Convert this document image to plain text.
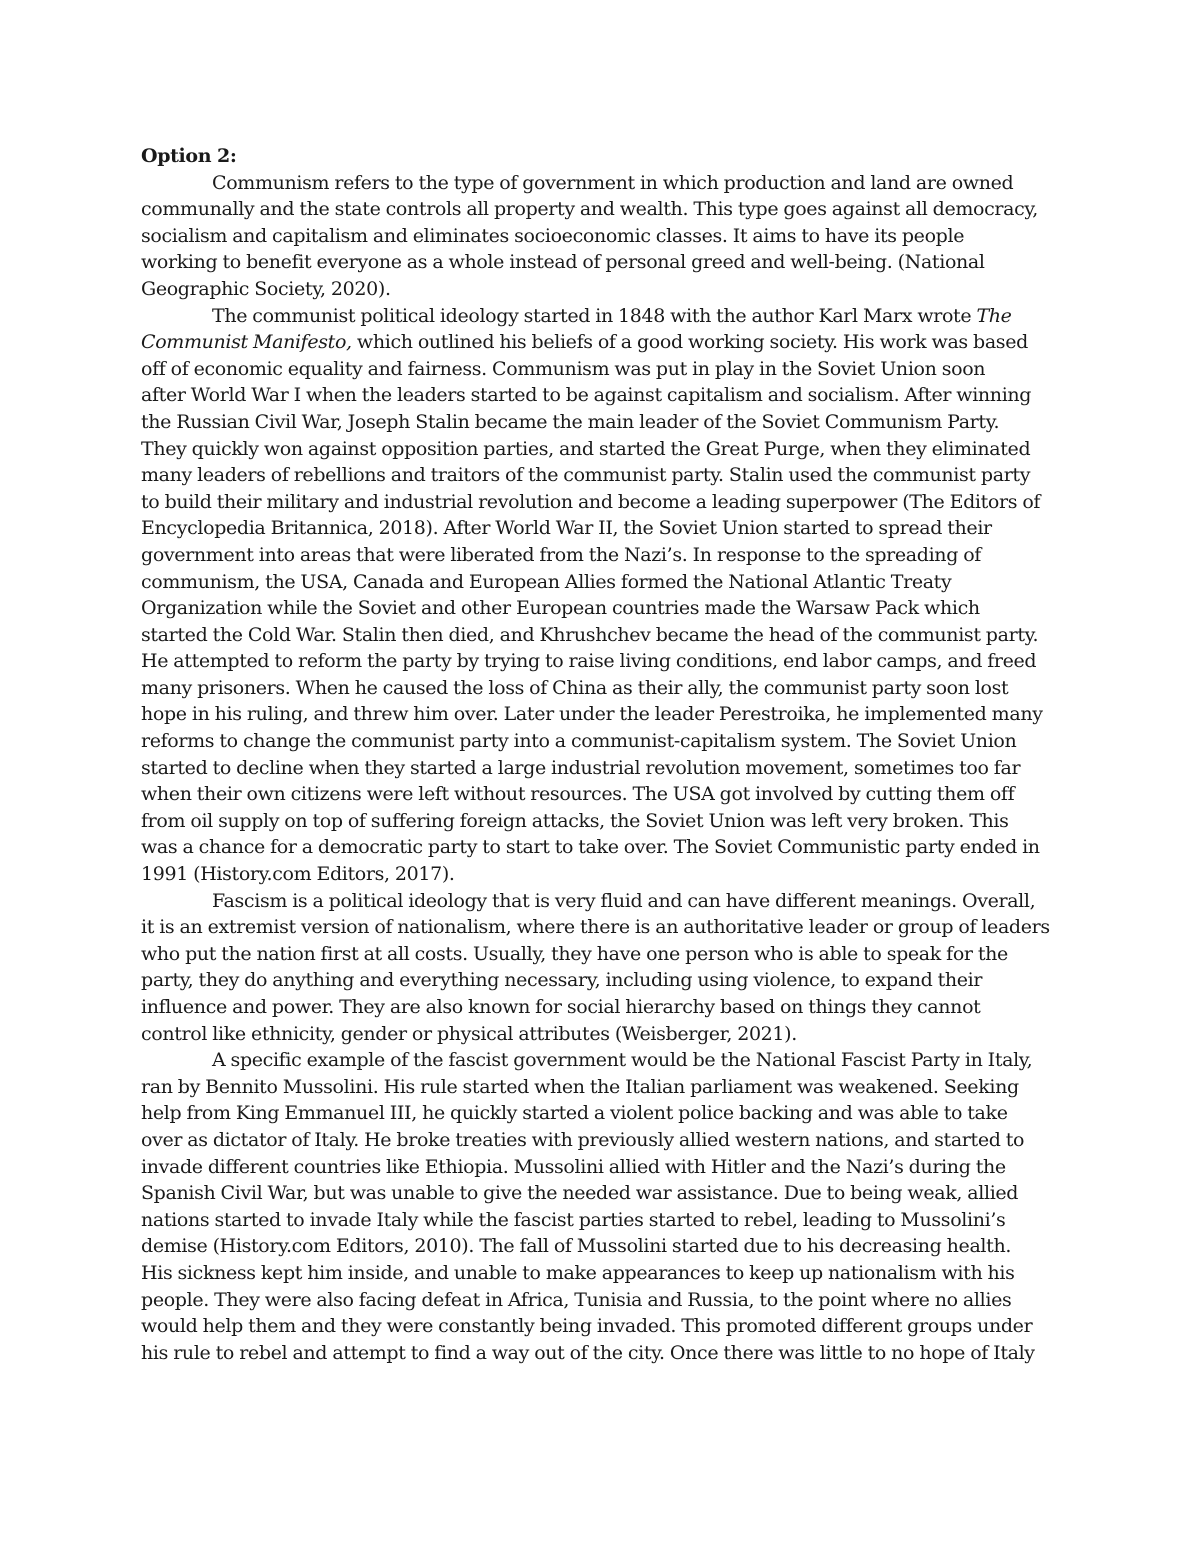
Option 2:

Communism refers to the type of government in which production and land are owned

communally and the state controls all property and wealth. This type goes against all democracy,

socialism and capitalism and eliminates socioeconomic classes. It aims to have its people

working to benefit everyone as a whole instead of personal greed and well-being. (National

Geographic Society, 2020).

The communist political ideology started in 1848 with the author Karl Marx wrote The

Communist Manifesto, which outlined his beliefs of a good working society. His work was based

off of economic equality and fairness. Communism was put in play in the Soviet Union soon

after World War I when the leaders started to be against capitalism and socialism. After winning

the Russian Civil War, Joseph Stalin became the main leader of the Soviet Communism Party.

They quickly won against opposition parties, and started the Great Purge, when they eliminated

many leaders of rebellions and traitors of the communist party. Stalin used the communist party

to build their military and industrial revolution and become a leading superpower (The Editors of

Encyclopedia Britannica, 2018). After World War II, the Soviet Union started to spread their

government into areas that were liberated from the Nazi’s. In response to the spreading of

communism, the USA, Canada and European Allies formed the National Atlantic Treaty

Organization while the Soviet and other European countries made the Warsaw Pack which

started the Cold War. Stalin then died, and Khrushchev became the head of the communist party.

He attempted to reform the party by trying to raise living conditions, end labor camps, and freed

many prisoners. When he caused the loss of China as their ally, the communist party soon lost

hope in his ruling, and threw him over. Later under the leader Perestroika, he implemented many

reforms to change the communist party into a communist-capitalism system. The Soviet Union

started to decline when they started a large industrial revolution movement, sometimes too far

when their own citizens were left without resources. The USA got involved by cutting them off

from oil supply on top of suffering foreign attacks, the Soviet Union was left very broken. This

was a chance for a democratic party to start to take over. The Soviet Communistic party ended in

1991 (History.com Editors, 2017).

Fascism is a political ideology that is very fluid and can have different meanings. Overall,

it is an extremist version of nationalism, where there is an authoritative leader or group of leaders

who put the nation first at all costs. Usually, they have one person who is able to speak for the

party, they do anything and everything necessary, including using violence, to expand their

influence and power. They are also known for social hierarchy based on things they cannot

control like ethnicity, gender or physical attributes (Weisberger, 2021).

A specific example of the fascist government would be the National Fascist Party in Italy,

ran by Bennito Mussolini. His rule started when the Italian parliament was weakened. Seeking

help from King Emmanuel III, he quickly started a violent police backing and was able to take

over as dictator of Italy. He broke treaties with previously allied western nations, and started to

invade different countries like Ethiopia. Mussolini allied with Hitler and the Nazi’s during the

Spanish Civil War, but was unable to give the needed war assistance. Due to being weak, allied

nations started to invade Italy while the fascist parties started to rebel, leading to Mussolini’s

demise (History.com Editors, 2010). The fall of Mussolini started due to his decreasing health.

His sickness kept him inside, and unable to make appearances to keep up nationalism with his

people. They were also facing defeat in Africa, Tunisia and Russia, to the point where no allies

would help them and they were constantly being invaded. This promoted different groups under

his rule to rebel and attempt to find a way out of the city. Once there was little to no hope of Italy
